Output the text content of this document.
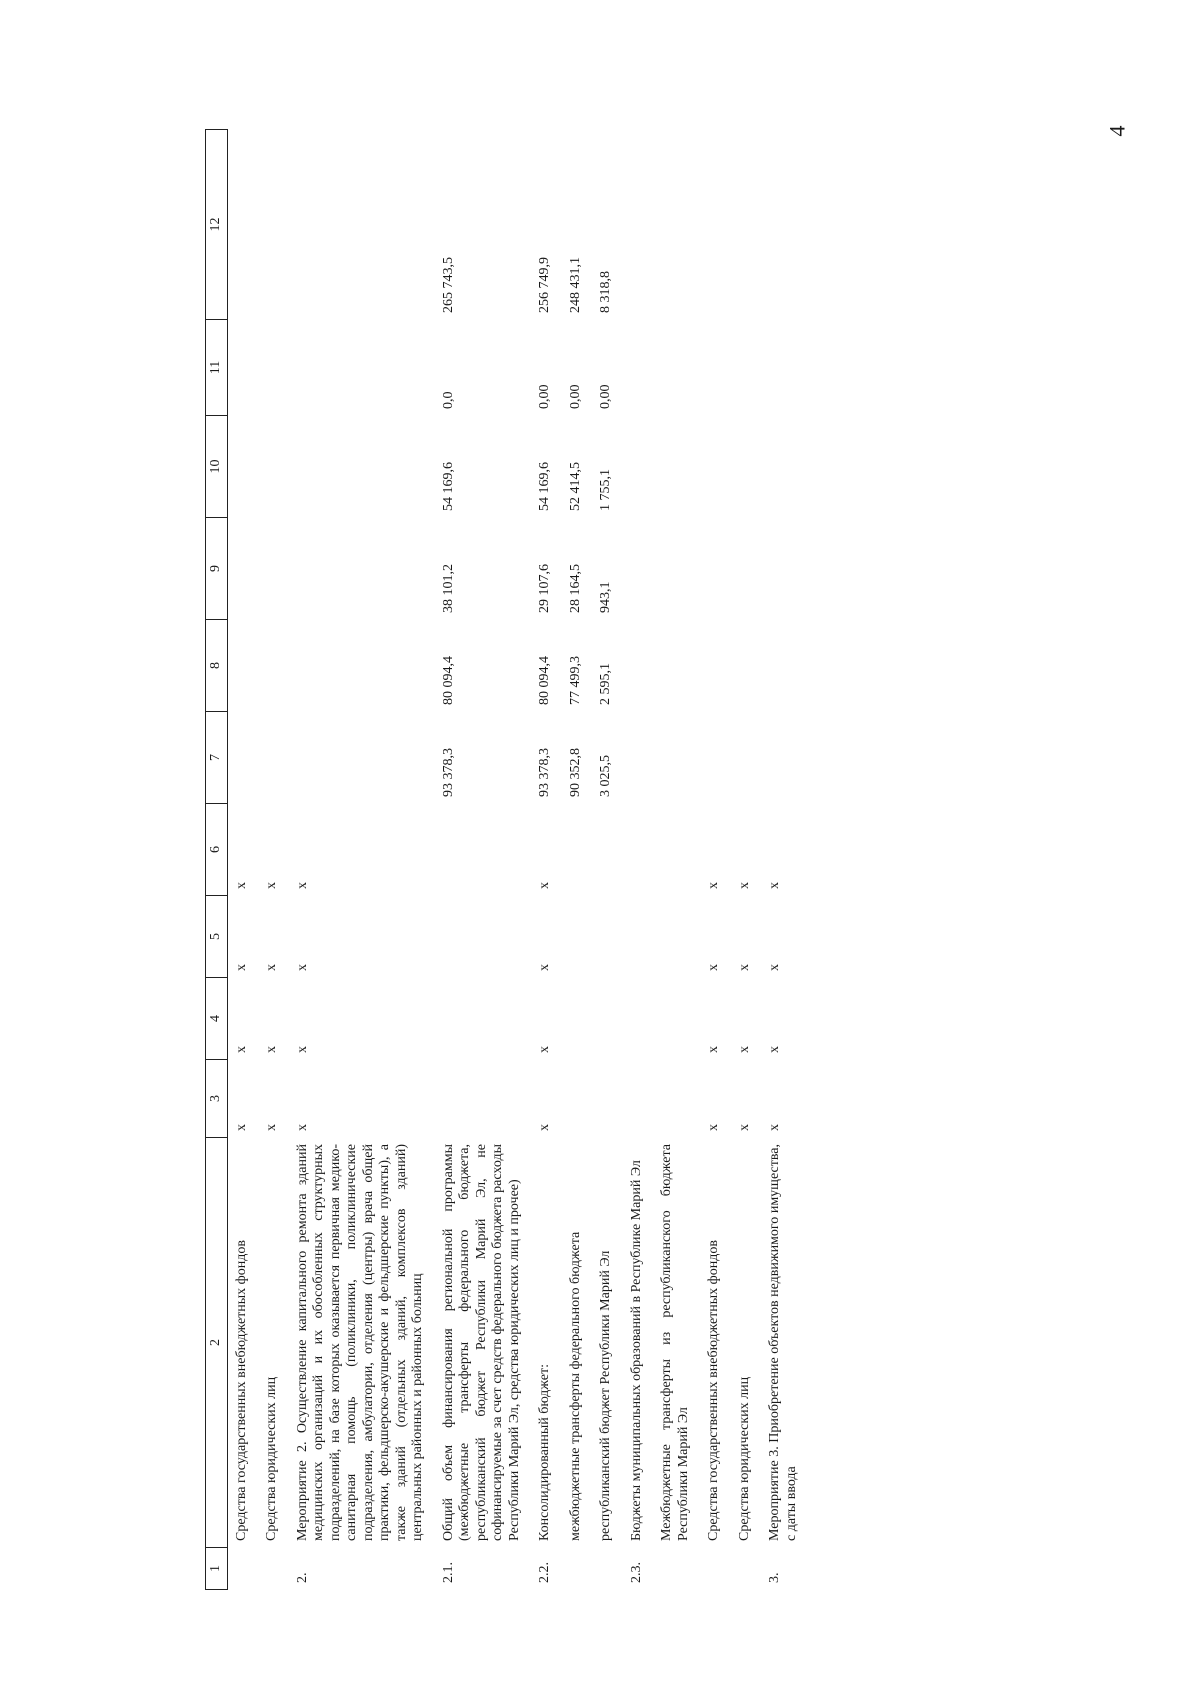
4
1	2	3	4	5	6	7	8	9	10	11	12
	Средства государственных внебюджетных фондов	x	x	x	x						
	Средства юридических лиц	x	x	x	x						
2.	Мероприятие 2. Осуществление капитального ремонта зданий медицинских организаций и их обособленных структурных подразделений, на базе которых оказывается первичная медико-санитарная помощь (поликлиники, поликлинические подразделения, амбулатории, отделения (центры) врача общей практики, фельдшерско-акушерские и фельдшерские пункты), а также зданий (отдельных зданий, комплексов зданий) центральных районных и районных больниц	x	x	x	x						
2.1.	Общий объем финансирования региональной программы (межбюджетные трансферты федерального бюджета, республиканский бюджет Республики Марий Эл, не софинансируемые за счет средств федерального бюджета расходы Республики Марий Эл, средства юридических лиц и прочее)					93 378,3	80 094,4	38 101,2	54 169,6	0,0	265 743,5
2.2.	Консолидированный бюджет:	x	x	x	x	93 378,3	80 094,4	29 107,6	54 169,6	0,00	256 749,9
	межбюджетные трансферты федерального бюджета					90 352,8	77 499,3	28 164,5	52 414,5	0,00	248 431,1
	республиканский бюджет Республики Марий Эл					3 025,5	2 595,1	943,1	1 755,1	0,00	8 318,8
2.3.	Бюджеты муниципальных образований в Республике Марий Эл										
	Межбюджетные трансферты из республиканского бюджета Республики Марий Эл										
	Средства государственных внебюджетных фондов	x	x	x	x						
	Средства юридических лиц	x	x	x	x						
3.	Мероприятие 3. Приобретение объектов недвижимого имущества, с даты ввода	x	x	x	x						
